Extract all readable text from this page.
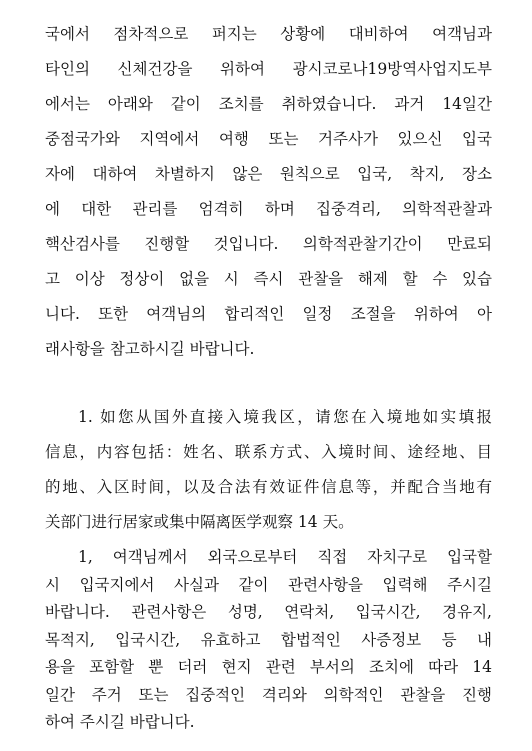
국에서 점차적으로 퍼지는 상황에 대비하여 여객님과
타인의 신체건강을 위하여 광시코로나19방역사업지도부
에서는 아래와 같이 조치를 취하였습니다. 과거 14일간
중점국가와 지역에서 여행 또는 거주사가 있으신 입국
자에 대하여 차별하지 않은 원칙으로 입국, 착지, 장소
에 대한 관리를 엄격히 하며 집중격리, 의학적관찰과
핵산검사를 진행할 것입니다. 의학적관찰기간이 만료되
고 이상 정상이 없을 시 즉시 관찰을 해제 할 수 있습
니다. 또한 여객님의 합리적인 일정 조절을 위하여 아
래사항을 참고하시길 바랍니다.
1. 如您从国外直接入境我区，请您在入境地如实填报
信息，内容包括：姓名、联系方式、入境时间、途经地、目
的地、入区时间，以及合法有效证件信息等，并配合当地有
关部门进行居家或集中隔离医学观察 14 天。
1, 여객님께서 외국으로부터 직접 자치구로 입국할
시 입국지에서 사실과 같이 관련사항을 입력해 주시길
바랍니다. 관련사항은 성명, 연락처, 입국시간, 경유지,
목적지, 입국시간, 유효하고 합법적인 사증정보 등 내
용을 포함할 뿐 더러 현지 관련 부서의 조치에 따라 14
일간 주거 또는 집중적인 격리와 의학적인 관찰을 진행
하여 주시길 바랍니다.
